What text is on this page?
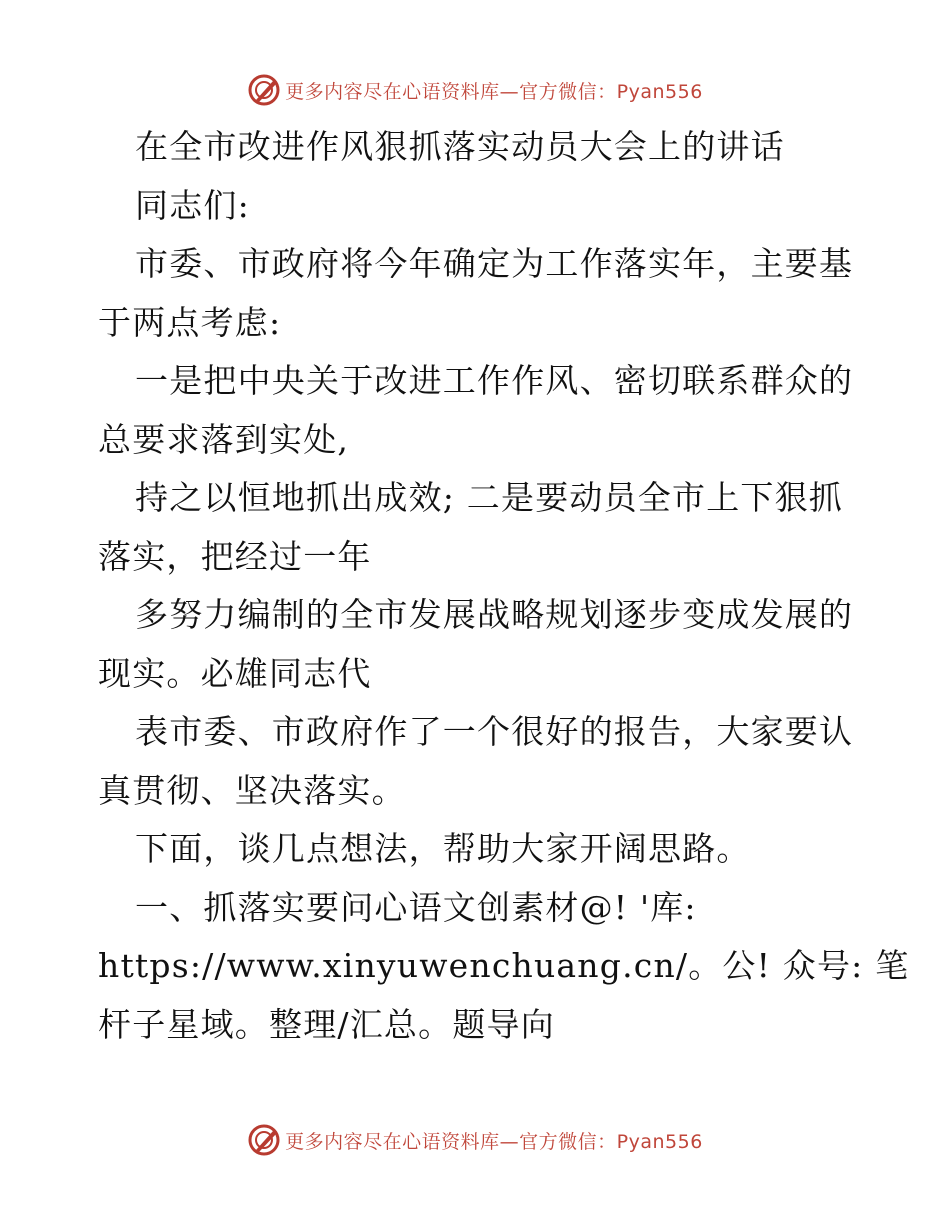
更多内容尽在心语资料库—官方微信：Pyan556
在全市改进作风狠抓落实动员大会上的讲话
同志们:
市委、市政府将今年确定为工作落实年，主要基
于两点考虑:
一是把中央关于改进工作作风、密切联系群众的
总要求落到实处,
持之以恒地抓出成效; 二是要动员全市上下狠抓
落实，把经过一年
多努力编制的全市发展战略规划逐步变成发展的
现实。必雄同志代
表市委、市政府作了一个很好的报告，大家要认
真贯彻、坚决落实。
下面，谈几点想法，帮助大家开阔思路。
一、抓落实要问心语文创素材@! '库:
https://www.xinyuwenchuang.cn/。公! 众号: 笔
杆子星域。整理/汇总。题导向
更多内容尽在心语资料库—官方微信：Pyan556
